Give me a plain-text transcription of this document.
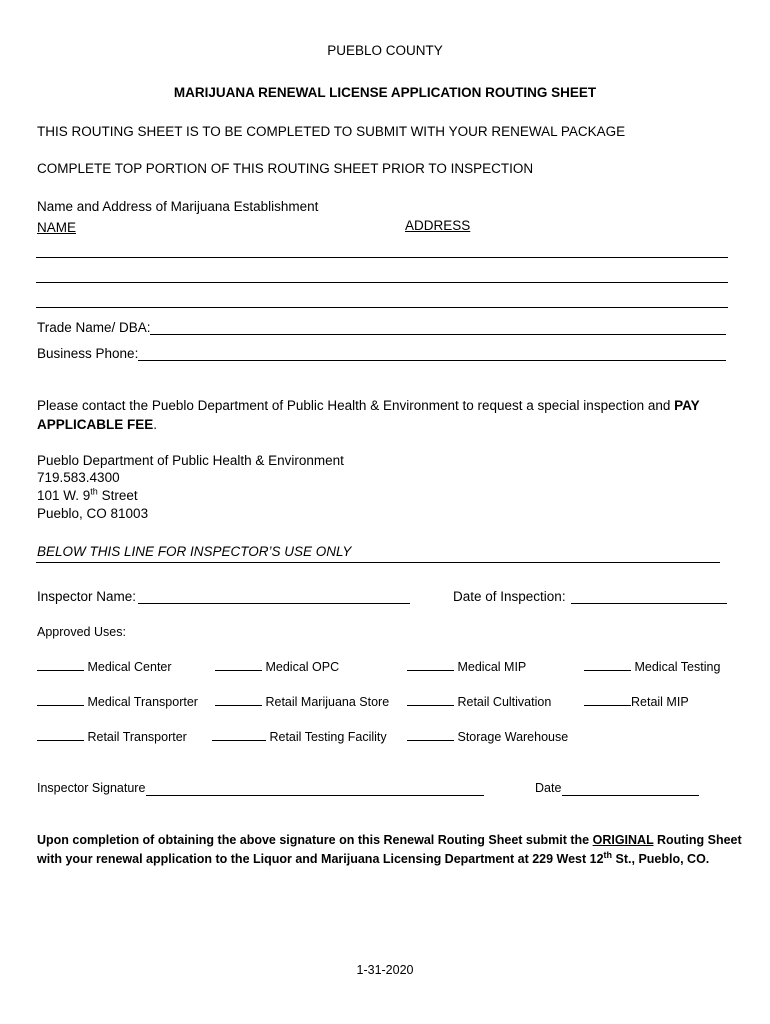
PUEBLO COUNTY
MARIJUANA RENEWAL LICENSE APPLICATION ROUTING SHEET
THIS ROUTING SHEET IS TO BE COMPLETED TO SUBMIT WITH YOUR RENEWAL PACKAGE
COMPLETE TOP PORTION OF THIS ROUTING SHEET PRIOR TO INSPECTION
Name and Address of Marijuana Establishment
NAME	ADDRESS
Trade Name/ DBA:
Business Phone:
Please contact the Pueblo Department of Public Health & Environment to request a special inspection and PAY
APPLICABLE FEE.
Pueblo Department of Public Health & Environment
719.583.4300
101 W. 9th Street
Pueblo, CO 81003
BELOW THIS LINE FOR INSPECTOR’S USE ONLY
Inspector Name:	Date of Inspection:
Approved Uses:
Medical Center	Medical OPC	Medical MIP	Medical Testing
Medical Transporter	Retail Marijuana Store	Retail Cultivation	Retail MIP
Retail Transporter	Retail Testing Facility	Storage Warehouse
Inspector Signature	Date
Upon completion of obtaining the above signature on this Renewal Routing Sheet submit the ORIGINAL Routing Sheet
with your renewal application to the Liquor and Marijuana Licensing Department at 229 West 12th St., Pueblo, CO.
1-31-2020
